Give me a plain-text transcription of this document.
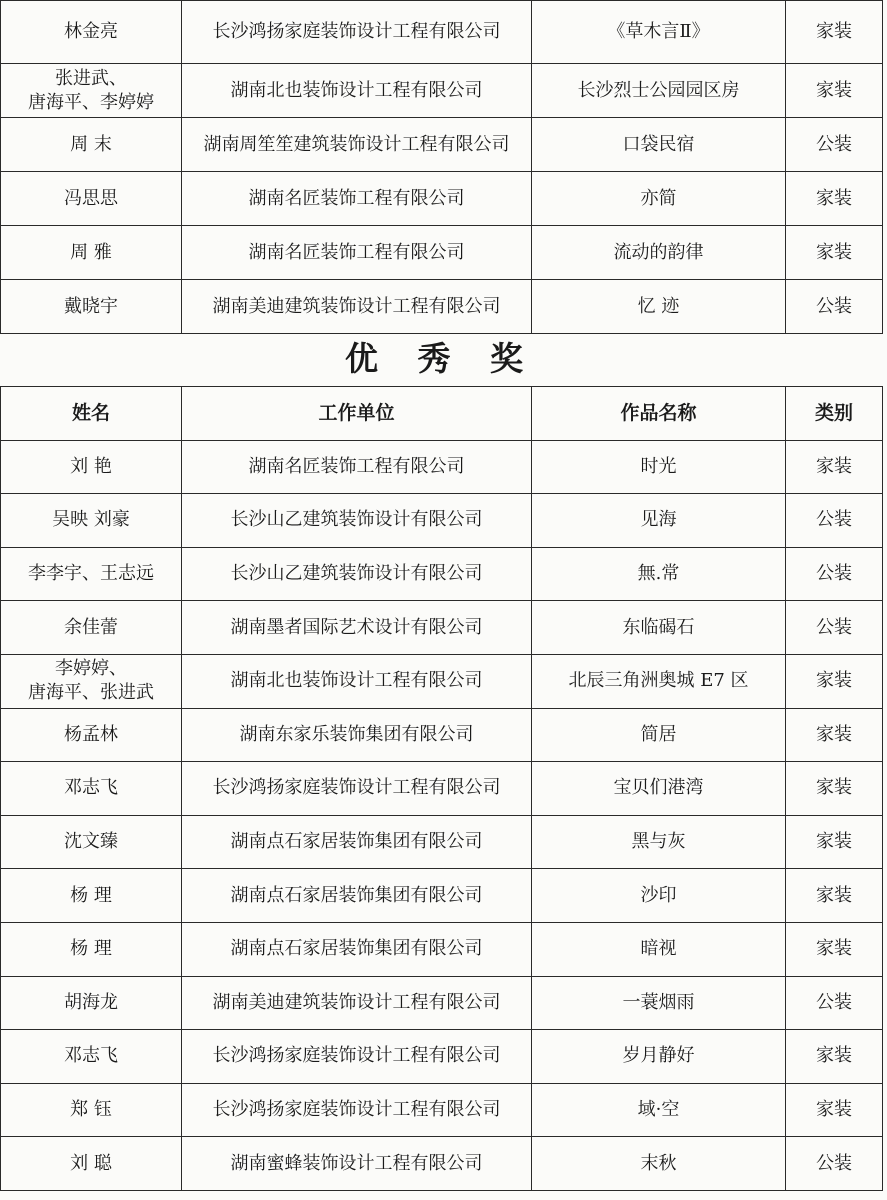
林金亮	长沙鸿扬家庭装饰设计工程有限公司	《草木言Ⅱ》	家装
张进武、
唐海平、李婷婷	湖南北也装饰设计工程有限公司	长沙烈士公园园区房	家装
周 末	湖南周笙笙建筑装饰设计工程有限公司	口袋民宿	公装
冯思思	湖南名匠装饰工程有限公司	亦简	家装
周 雅	湖南名匠装饰工程有限公司	流动的韵律	家装
戴晓宇	湖南美迪建筑装饰设计工程有限公司	忆 迹	公装
优 秀 奖
姓名	工作单位	作品名称	类别
刘 艳	湖南名匠装饰工程有限公司	时光	家装
吴映 刘豪	长沙山乙建筑装饰设计有限公司	见海	公装
李李宇、王志远	长沙山乙建筑装饰设计有限公司	無.常	公装
余佳蕾	湖南墨者国际艺术设计有限公司	东临碣石	公装
李婷婷、
唐海平、张进武	湖南北也装饰设计工程有限公司	北辰三角洲奥城 E7 区	家装
杨孟林	湖南东家乐装饰集团有限公司	简居	家装
邓志飞	长沙鸿扬家庭装饰设计工程有限公司	宝贝们港湾	家装
沈文臻	湖南点石家居装饰集团有限公司	黑与灰	家装
杨 理	湖南点石家居装饰集团有限公司	沙印	家装
杨 理	湖南点石家居装饰集团有限公司	暗视	家装
胡海龙	湖南美迪建筑装饰设计工程有限公司	一蓑烟雨	公装
邓志飞	长沙鸿扬家庭装饰设计工程有限公司	岁月静好	家装
郑 钰	长沙鸿扬家庭装饰设计工程有限公司	域·空	家装
刘 聪	湖南蜜蜂装饰设计工程有限公司	末秋	公装
